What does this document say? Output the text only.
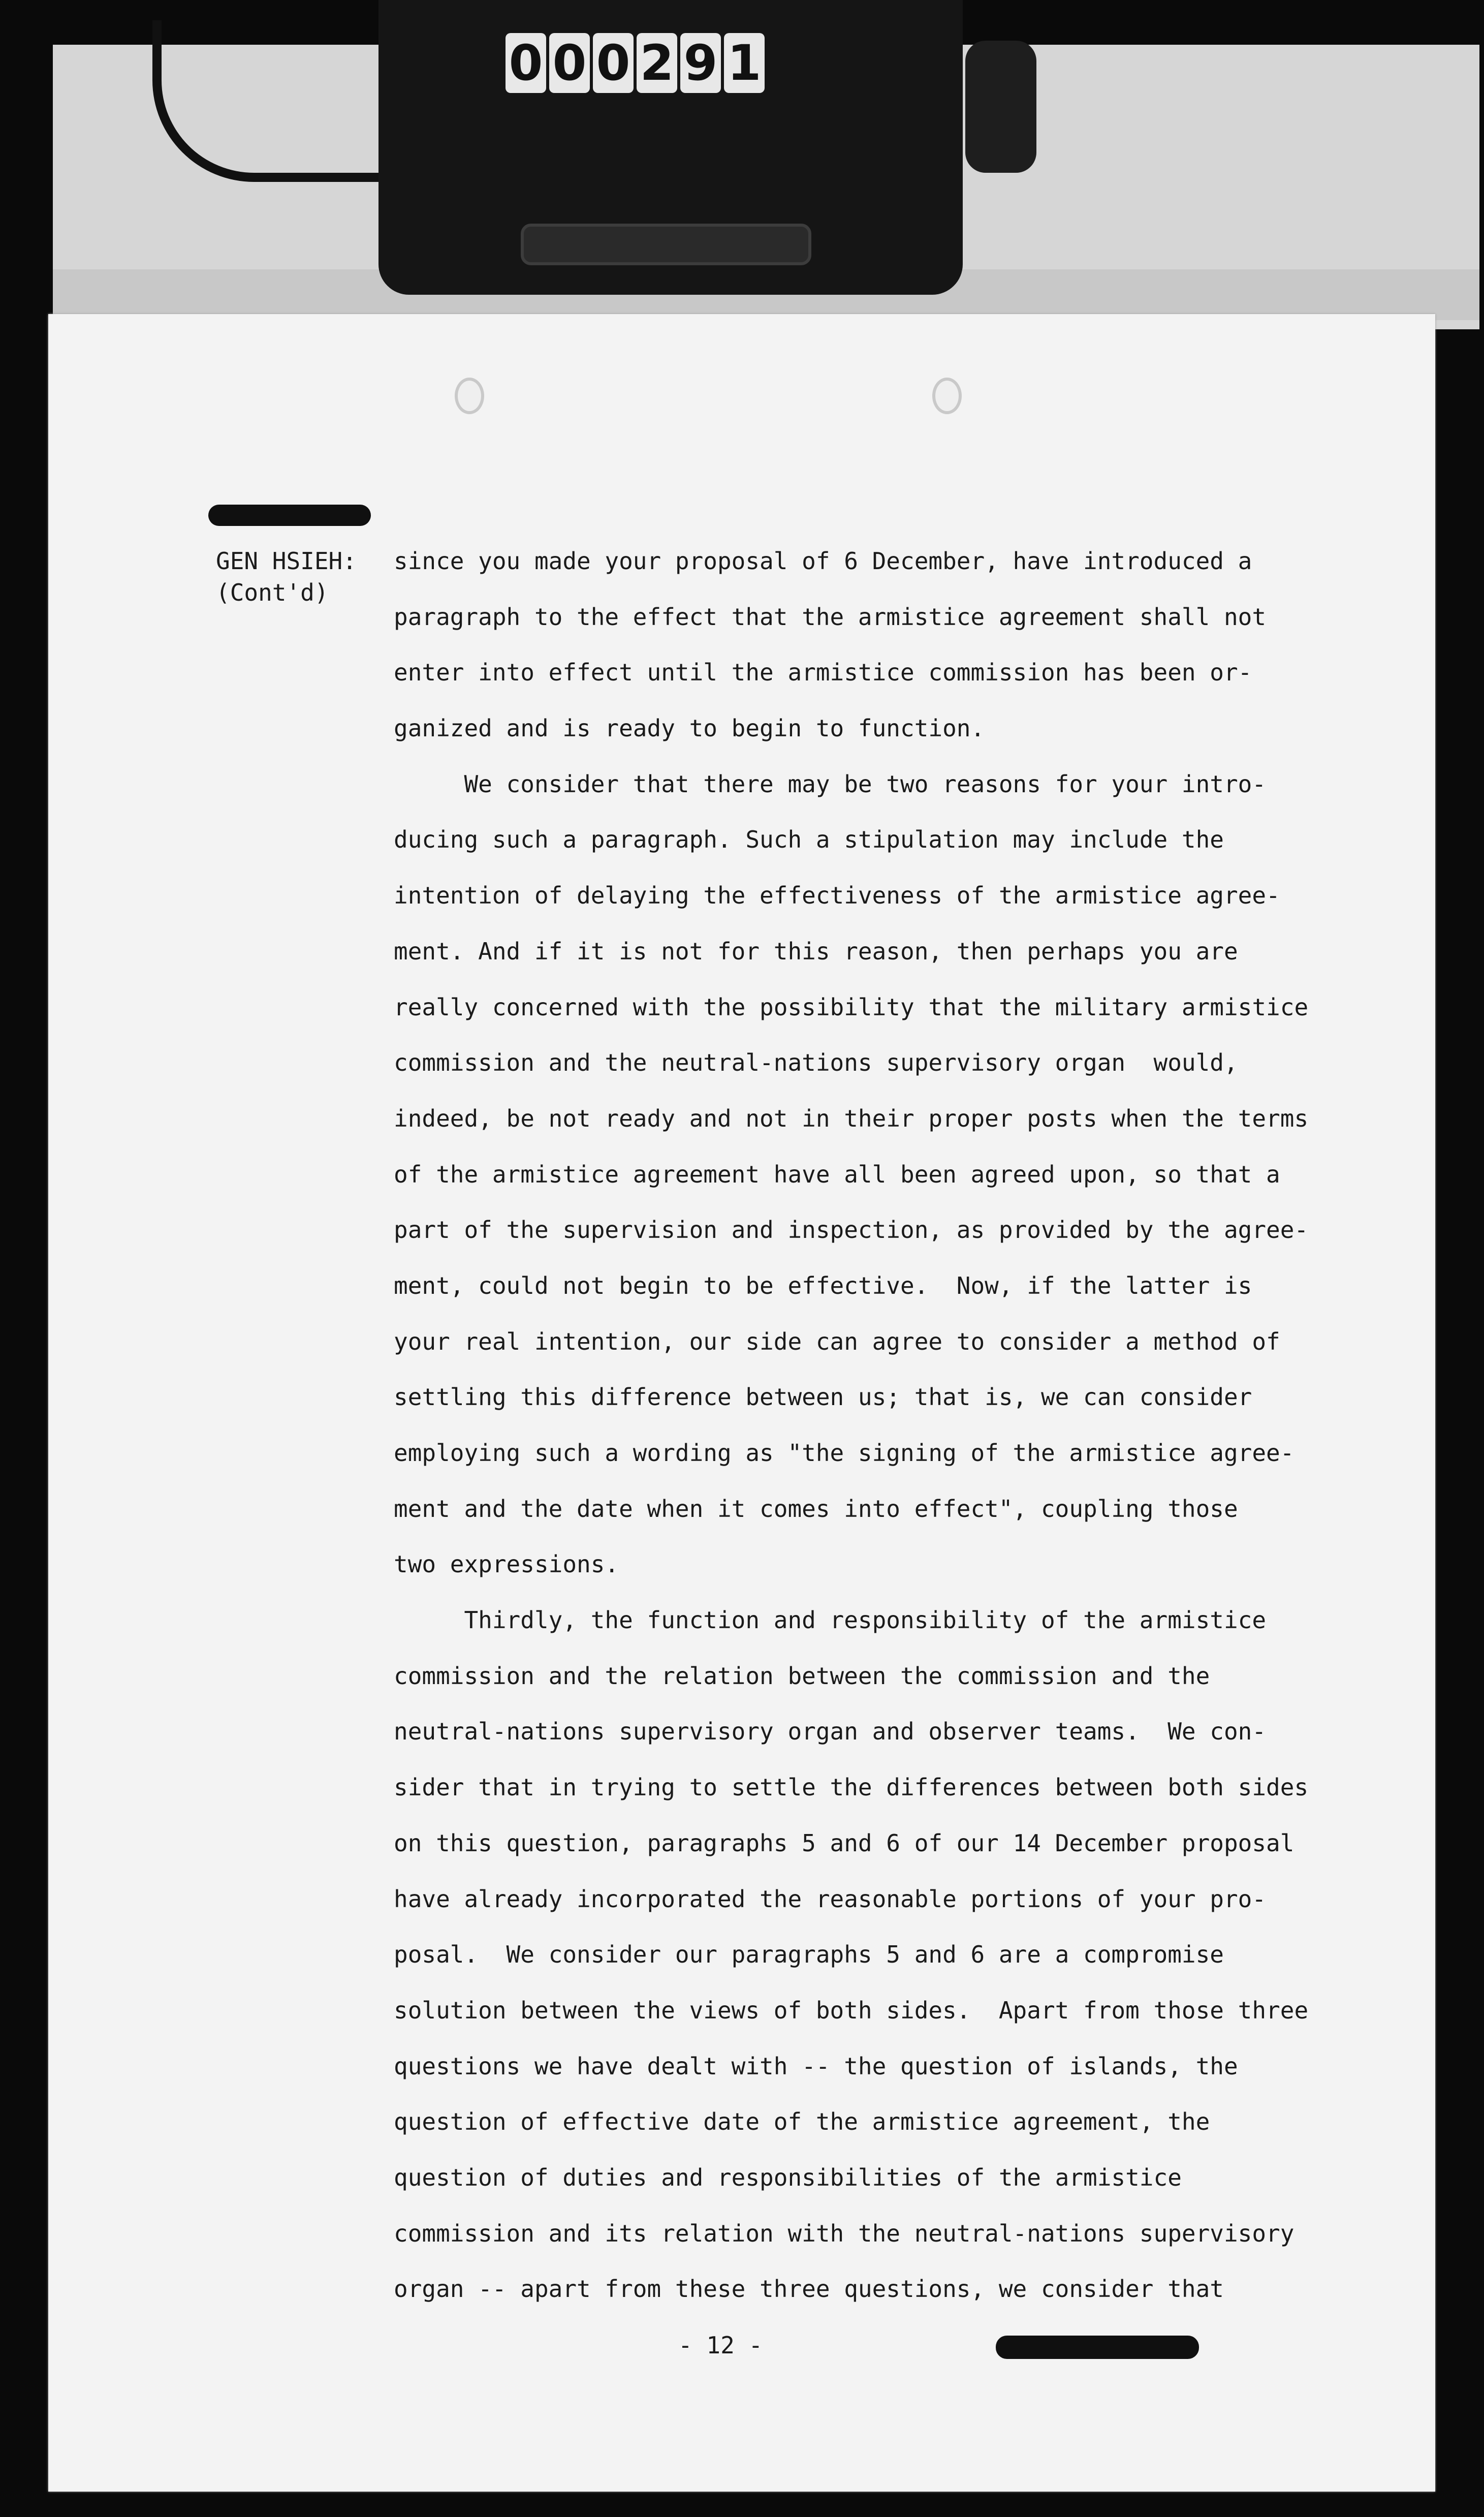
0 0 0 2 9 1
GEN HSIEH:
(Cont'd)
since you made your proposal of 6 December, have introduced a
paragraph to the effect that the armistice agreement shall not
enter into effect until the armistice commission has been or-
ganized and is ready to begin to function.
We consider that there may be two reasons for your intro-
ducing such a paragraph. Such a stipulation may include the
intention of delaying the effectiveness of the armistice agree-
ment. And if it is not for this reason, then perhaps you are
really concerned with the possibility that the military armistice
commission and the neutral-nations supervisory organ  would,
indeed, be not ready and not in their proper posts when the terms
of the armistice agreement have all been agreed upon, so that a
part of the supervision and inspection, as provided by the agree-
ment, could not begin to be effective.  Now, if the latter is
your real intention, our side can agree to consider a method of
settling this difference between us; that is, we can consider
employing such a wording as "the signing of the armistice agree-
ment and the date when it comes into effect", coupling those
two expressions.
Thirdly, the function and responsibility of the armistice
commission and the relation between the commission and the
neutral-nations supervisory organ and observer teams.  We con-
sider that in trying to settle the differences between both sides
on this question, paragraphs 5 and 6 of our 14 December proposal
have already incorporated the reasonable portions of your pro-
posal.  We consider our paragraphs 5 and 6 are a compromise
solution between the views of both sides.  Apart from those three
questions we have dealt with -- the question of islands, the
question of effective date of the armistice agreement, the
question of duties and responsibilities of the armistice
commission and its relation with the neutral-nations supervisory
organ -- apart from these three questions, we consider that
- 12 -
